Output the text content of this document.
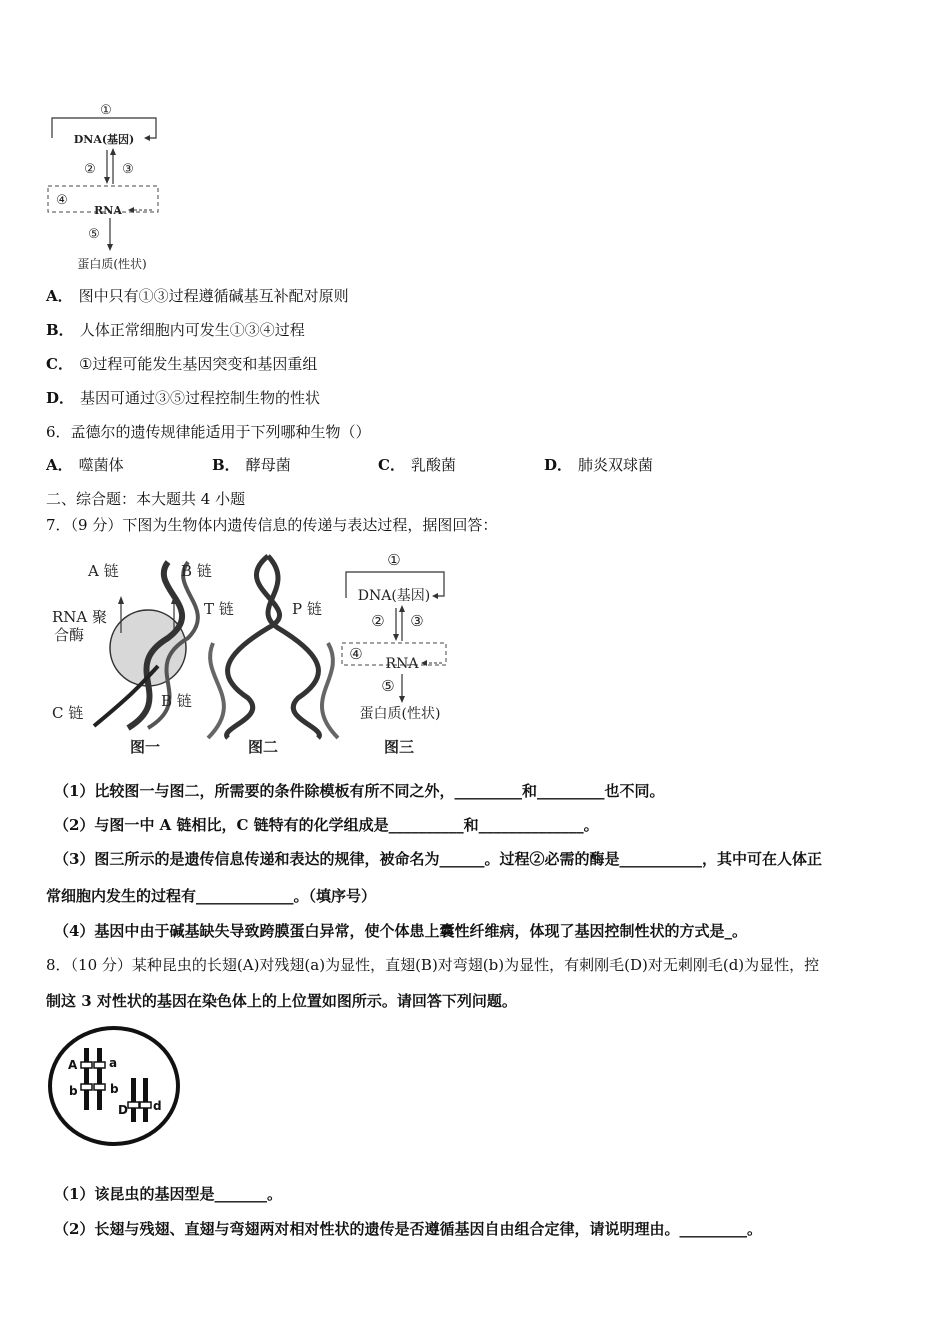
①
DNA(基因)
② ③
④
RNA
⑤
蛋白质(性状)
A． 图中只有①③过程遵循碱基互补配对原则
B． 人体正常细胞内可发生①③④过程
C． ①过程可能发生基因突变和基因重组
D． 基因可通过③⑤过程控制生物的性状
6．孟德尔的遗传规律能适用于下列哪种生物（）
A． 噬菌体	B． 酵母菌	C． 乳酸菌	D． 肺炎双球菌
二、综合题：本大题共 4 小题
7．（9 分）下图为生物体内遗传信息的传递与表达过程，据图回答：
A 链	B 链
RNA 聚
合酶
C 链
B 链
图一
T 链	P 链
图二
①
DNA(基因)
② ③
④
RNA
⑤
蛋白质(性状)
图三
（1）比较图一与图二，所需要的条件除模板有所不同之外，_________和_________也不同。
（2）与图一中 A 链相比，C 链特有的化学组成是__________和______________。
（3）图三所示的是遗传信息传递和表达的规律，被命名为______。过程②必需的酶是___________，其中可在人体正
常细胞内发生的过程有_____________。（填序号）
（4）基因中由于碱基缺失导致跨膜蛋白异常，使个体患上囊性纤维病，体现了基因控制性状的方式是_。
8．（10 分）某种昆虫的长翅(A)对残翅(a)为显性，直翅(B)对弯翅(b)为显性，有刺刚毛(D)对无刺刚毛(d)为显性，控
制这 3 对性状的基因在染色体上的上位置如图所示。请回答下列问题。
A	a
b	b
D d
（1）该昆虫的基因型是_______。
（2）长翅与残翅、直翅与弯翅两对相对性状的遗传是否遵循基因自由组合定律，请说明理由。_________。
